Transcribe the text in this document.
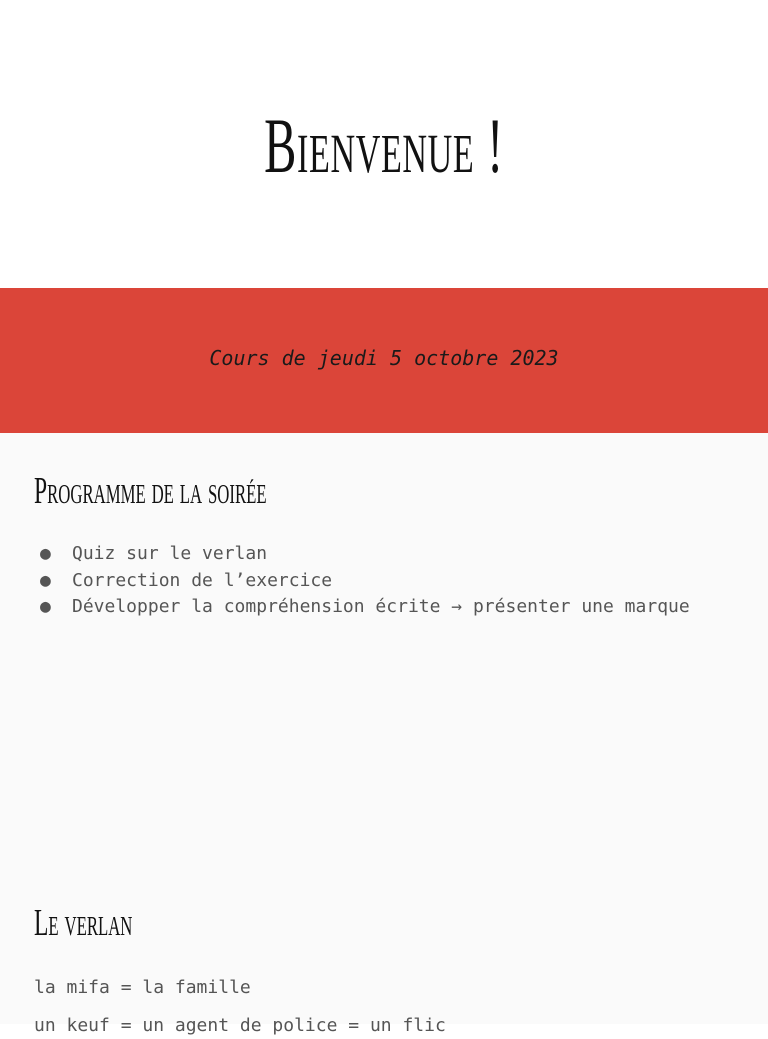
Bienvenue !
Cours de jeudi 5 octobre 2023
Programme de la soirée
● Quiz sur le verlan
● Correction de l’exercice
● Développer la compréhension écrite → présenter une marque
Le verlan
la mifa = la famille
un keuf = un agent de police = un flic
